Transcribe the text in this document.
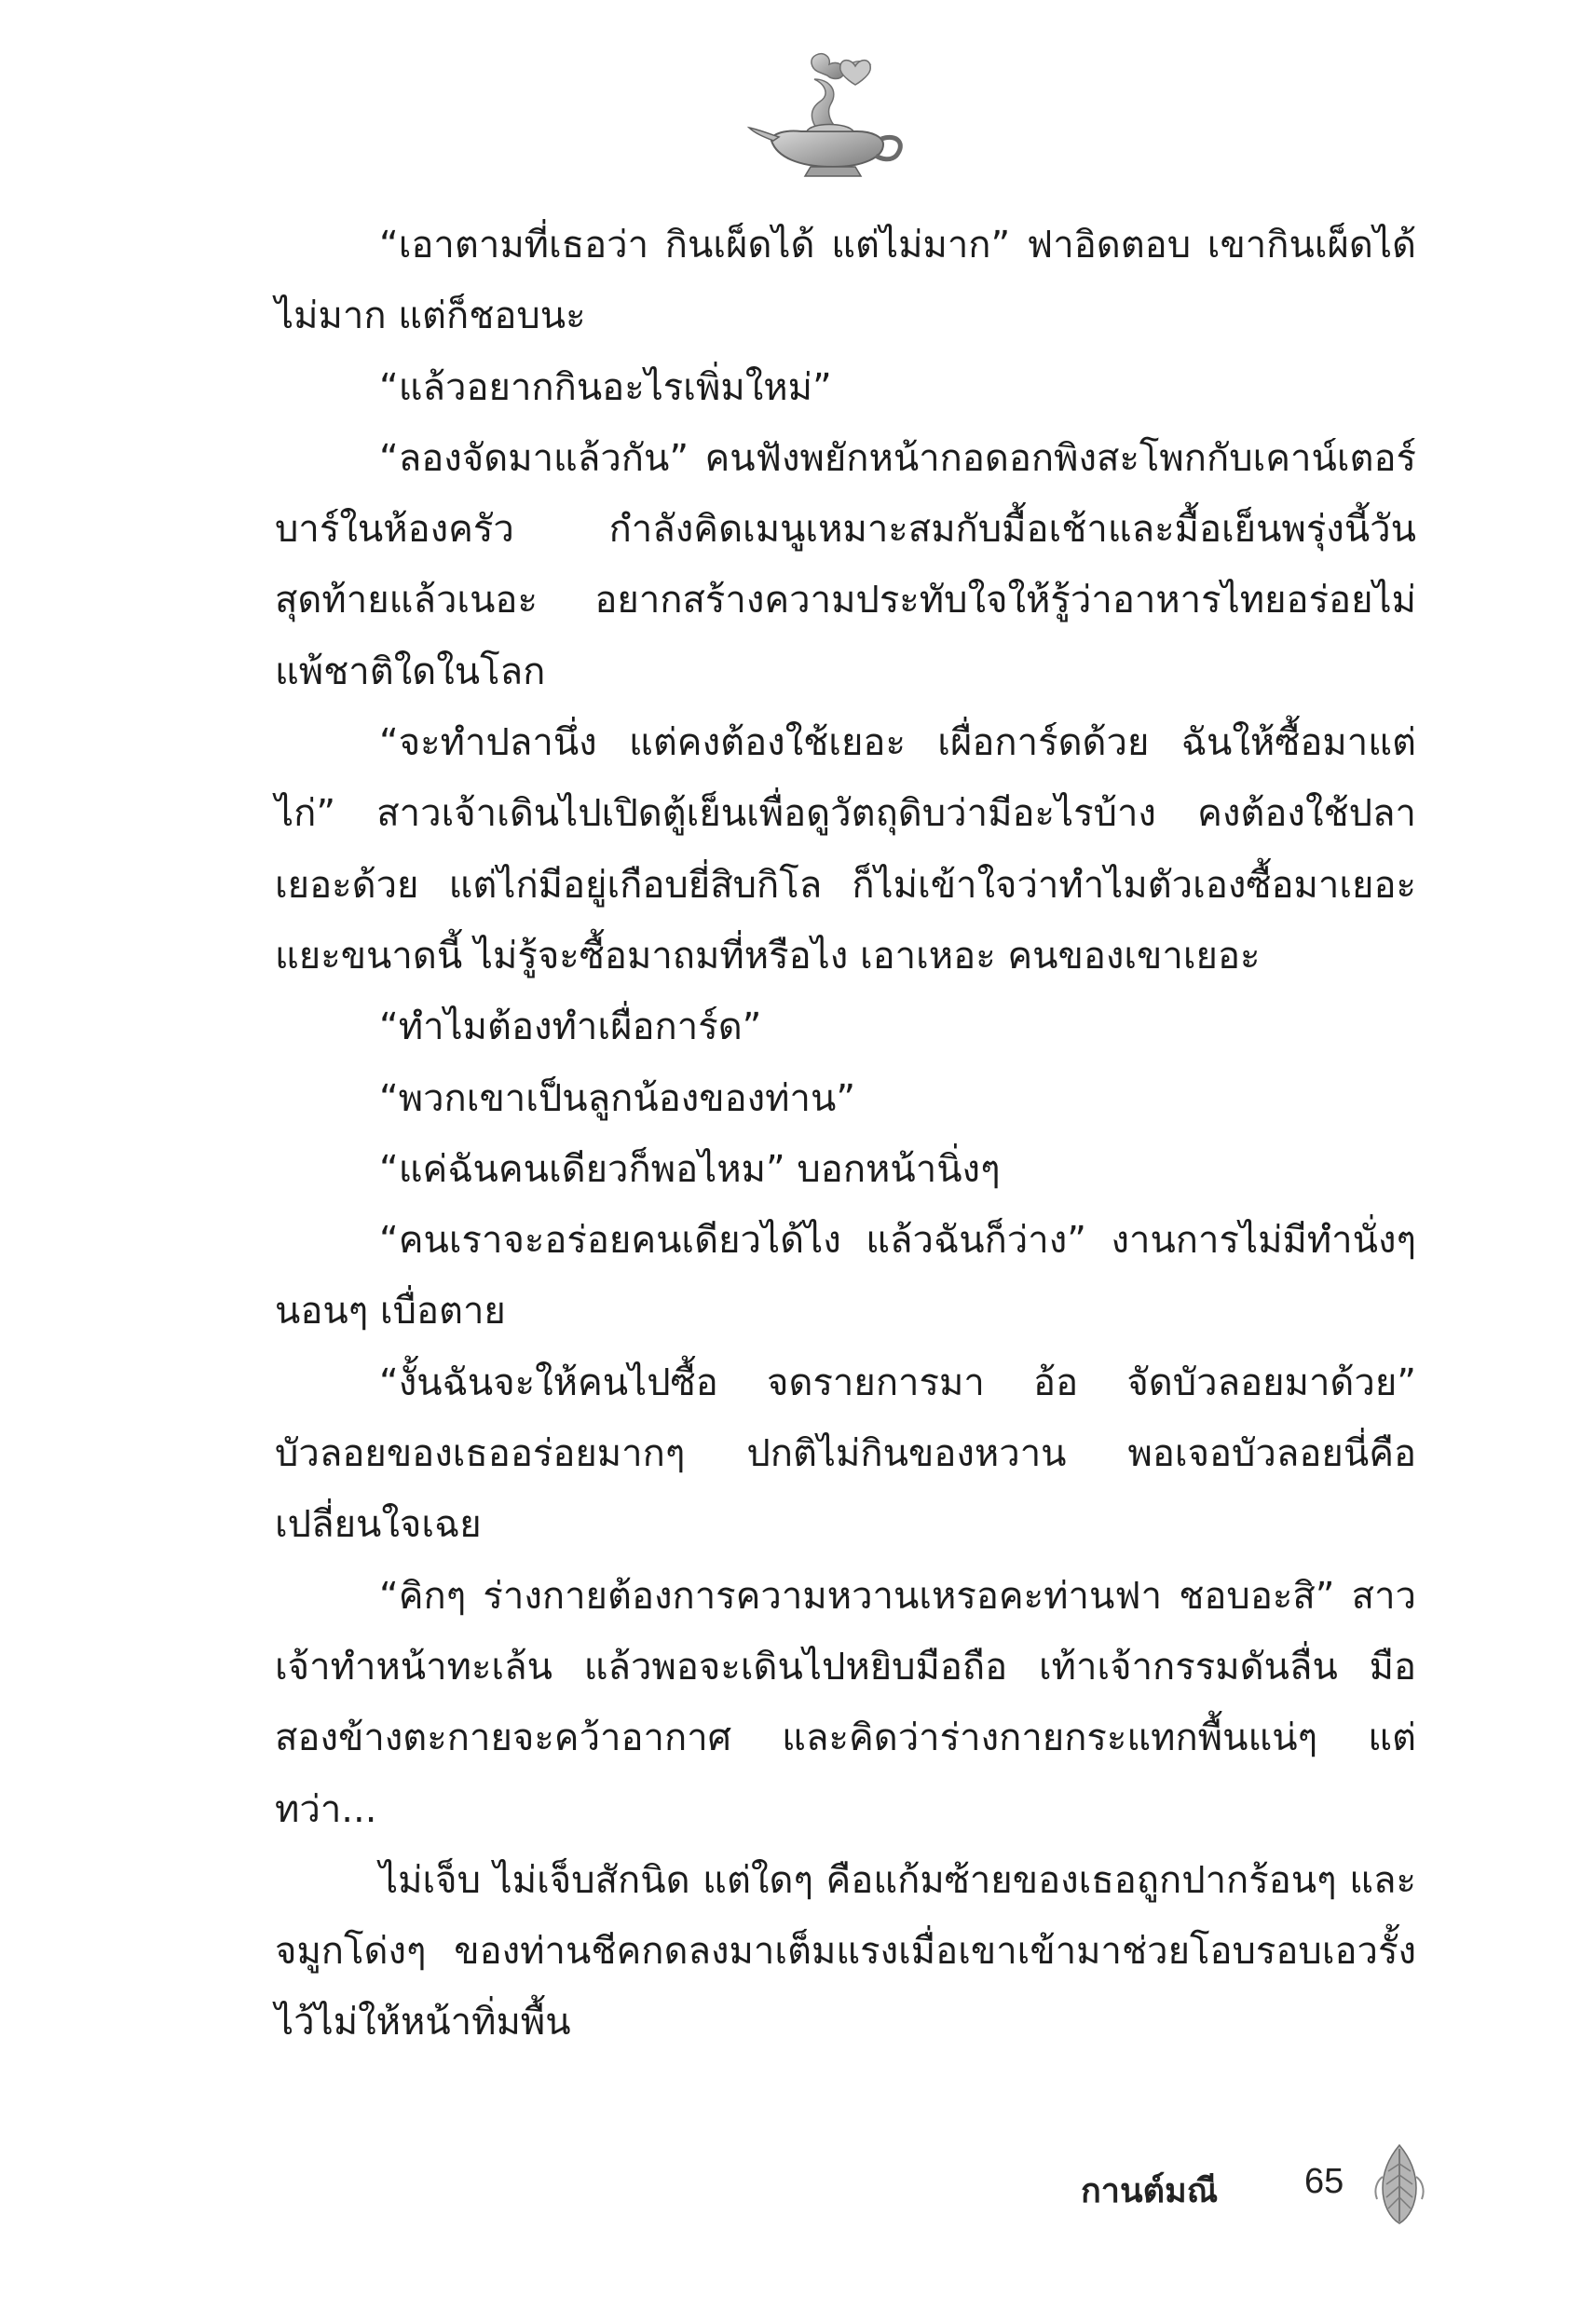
“เอาตามที่เธอว่า กินเผ็ดได้ แต่ไม่มาก” ฟาอิดตอบ เขากินเผ็ดได้ไม่มาก แต่ก็ชอบนะ

“แล้วอยากกินอะไรเพิ่มใหม่”

“ลองจัดมาแล้วกัน” คนฟังพยักหน้ากอดอกพิงสะโพกกับเคาน์เตอร์บาร์ในห้องครัว กำลังคิดเมนูเหมาะสมกับมื้อเช้าและมื้อเย็นพรุ่งนี้วันสุดท้ายแล้วเนอะ อยากสร้างความประทับใจให้รู้ว่าอาหารไทยอร่อยไม่แพ้ชาติใดในโลก

“จะทำปลานึ่ง แต่คงต้องใช้เยอะ เผื่อการ์ดด้วย ฉันให้ซื้อมาแต่ไก่” สาวเจ้าเดินไปเปิดตู้เย็นเพื่อดูวัตถุดิบว่ามีอะไรบ้าง คงต้องใช้ปลาเยอะด้วย แต่ไก่มีอยู่เกือบยี่สิบกิโล ก็ไม่เข้าใจว่าทำไมตัวเองซื้อมาเยอะแยะขนาดนี้ ไม่รู้จะซื้อมาถมที่หรือไง เอาเหอะ คนของเขาเยอะ

“ทำไมต้องทำเผื่อการ์ด”

“พวกเขาเป็นลูกน้องของท่าน”

“แค่ฉันคนเดียวก็พอไหม” บอกหน้านิ่งๆ

“คนเราจะอร่อยคนเดียวได้ไง แล้วฉันก็ว่าง” งานการไม่มีทำนั่งๆ นอนๆ เบื่อตาย

“งั้นฉันจะให้คนไปซื้อ จดรายการมา อ้อ จัดบัวลอยมาด้วย” บัวลอยของเธออร่อยมากๆ ปกติไม่กินของหวาน พอเจอบัวลอยนี่คือเปลี่ยนใจเฉย

“คิกๆ ร่างกายต้องการความหวานเหรอคะท่านฟา ชอบอะสิ” สาวเจ้าทำหน้าทะเล้น แล้วพอจะเดินไปหยิบมือถือ เท้าเจ้ากรรมดันลื่น มือสองข้างตะกายจะคว้าอากาศ และคิดว่าร่างกายกระแทกพื้นแน่ๆ แต่ทว่า...

ไม่เจ็บ ไม่เจ็บสักนิด แต่ใดๆ คือแก้มซ้ายของเธอถูกปากร้อนๆ และจมูกโด่งๆ ของท่านชีคกดลงมาเต็มแรงเมื่อเขาเข้ามาช่วยโอบรอบเอวรั้งไว้ไม่ให้หน้าทิ่มพื้น

กานต์มณี 65
